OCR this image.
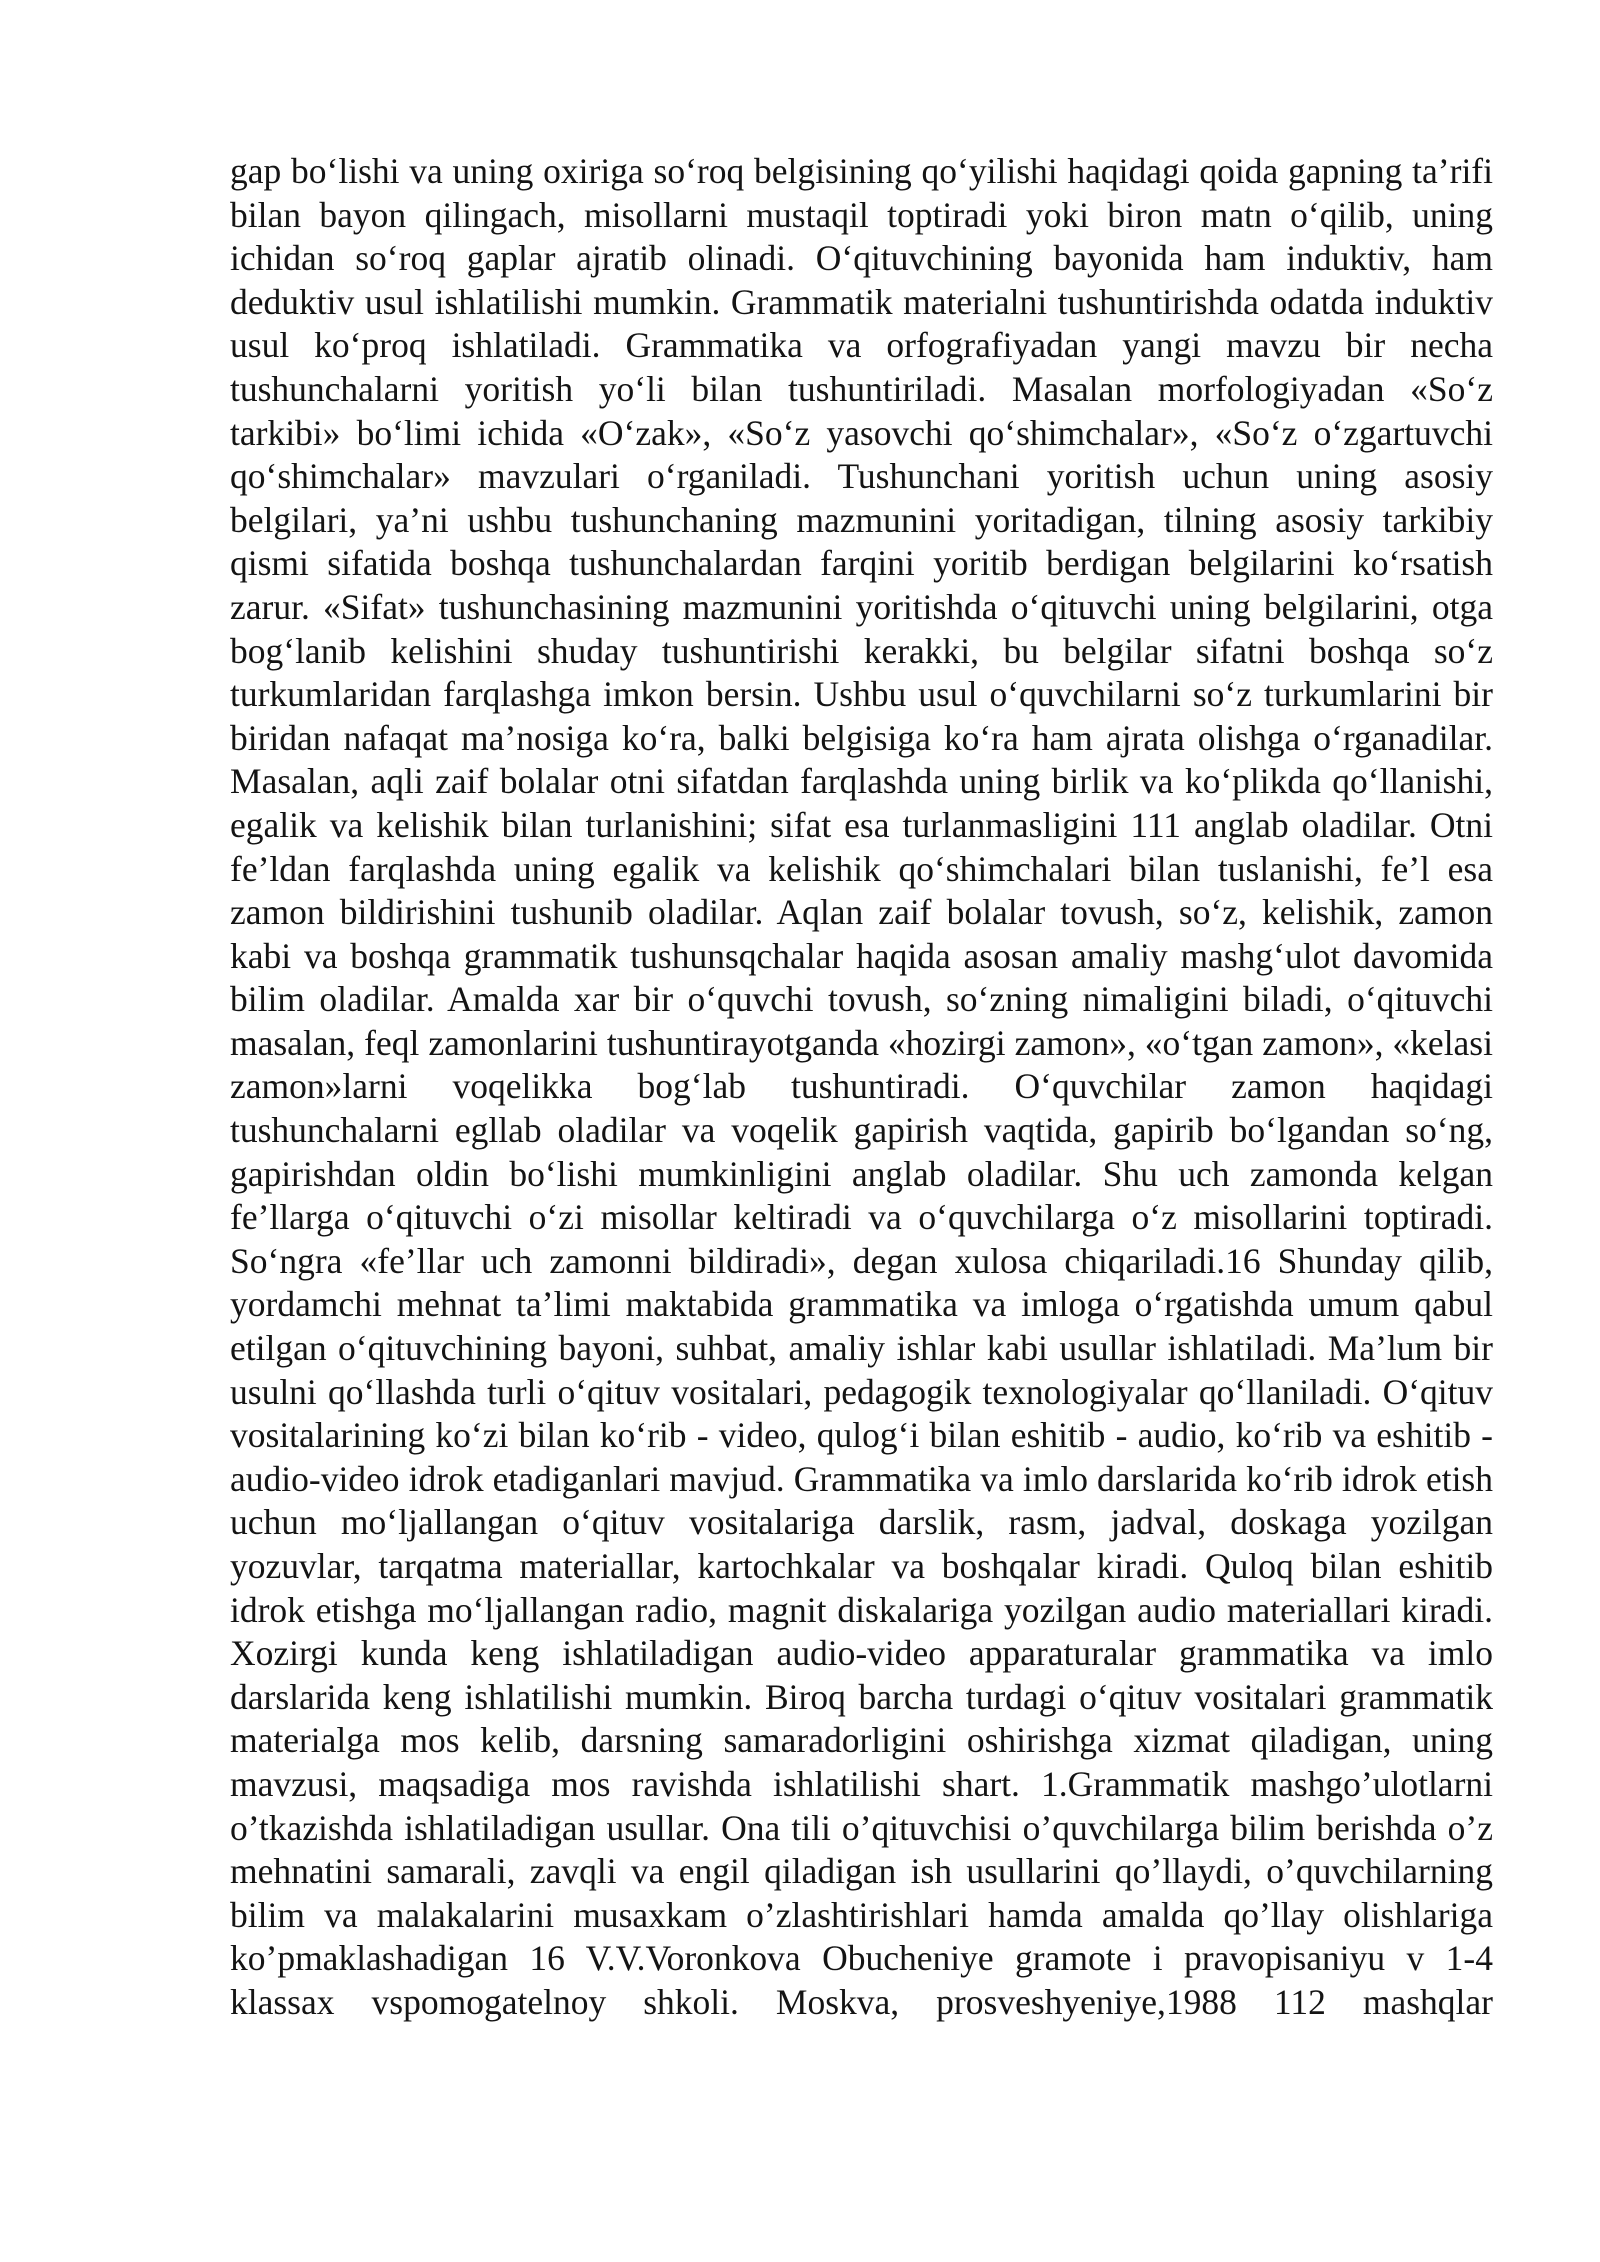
gap bo‘lishi va uning oxiriga so‘roq belgisining qo‘yilishi haqidagi qoida gapning ta’rifi bilan bayon qilingach, misollarni mustaqil toptiradi yoki biron matn o‘qilib, uning ichidan so‘roq gaplar ajratib olinadi. O‘qituvchining bayonida ham induktiv, ham deduktiv usul ishlatilishi mumkin. Grammatik materialni tushuntirishda odatda induktiv usul ko‘proq ishlatiladi. Grammatika va orfografiyadan yangi mavzu bir necha tushunchalarni yoritish yo‘li bilan tushuntiriladi. Masalan morfologiyadan «So‘z tarkibi» bo‘limi ichida «O‘zak», «So‘z yasovchi qo‘shimchalar», «So‘z o‘zgartuvchi qo‘shimchalar» mavzulari o‘rganiladi. Tushunchani yoritish uchun uning asosiy belgilari, ya’ni ushbu tushunchaning mazmunini yoritadigan, tilning asosiy tarkibiy qismi sifatida boshqa tushunchalardan farqini yoritib berdigan belgilarini ko‘rsatish zarur. «Sifat» tushunchasining mazmunini yoritishda o‘qituvchi uning belgilarini, otga bog‘lanib kelishini shuday tushuntirishi kerakki, bu belgilar sifatni boshqa so‘z turkumlaridan farqlashga imkon bersin. Ushbu usul o‘quvchilarni so‘z turkumlarini bir biridan nafaqat ma’nosiga ko‘ra, balki belgisiga ko‘ra ham ajrata olishga o‘rganadilar. Masalan, aqli zaif bolalar otni sifatdan farqlashda uning birlik va ko‘plikda qo‘llanishi, egalik va kelishik bilan turlanishini; sifat esa turlanmasligini 111 anglab oladilar. Otni fe’ldan farqlashda uning egalik va kelishik qo‘shimchalari bilan tuslanishi, fe’l esa zamon bildirishini tushunib oladilar. Aqlan zaif bolalar tovush, so‘z, kelishik, zamon kabi va boshqa grammatik tushunsqchalar haqida asosan amaliy mashg‘ulot davomida bilim oladilar. Amalda xar bir o‘quvchi tovush, so‘zning nimaligini biladi, o‘qituvchi masalan, feql zamonlarini tushuntirayotganda «hozirgi zamon», «o‘tgan zamon», «kelasi zamon»larni voqelikka bog‘lab tushuntiradi. O‘quvchilar zamon haqidagi tushunchalarni egllab oladilar va voqelik gapirish vaqtida, gapirib bo‘lgandan so‘ng, gapirishdan oldin bo‘lishi mumkinligini anglab oladilar. Shu uch zamonda kelgan fe’llarga o‘qituvchi o‘zi misollar keltiradi va o‘quvchilarga o‘z misollarini toptiradi. So‘ngra «fe’llar uch zamonni bildiradi», degan xulosa chiqariladi.16 Shunday qilib, yordamchi mehnat ta’limi maktabida grammatika va imloga o‘rgatishda umum qabul etilgan o‘qituvchining bayoni, suhbat, amaliy ishlar kabi usullar ishlatiladi. Ma’lum bir usulni qo‘llashda turli o‘qituv vositalari, pedagogik texnologiyalar qo‘llaniladi. O‘qituv vositalarining ko‘zi bilan ko‘rib - video, qulog‘i bilan eshitib - audio, ko‘rib va eshitib - audio-video idrok etadiganlari mavjud. Grammatika va imlo darslarida ko‘rib idrok etish uchun mo‘ljallangan o‘qituv vositalariga darslik, rasm, jadval, doskaga yozilgan yozuvlar, tarqatma materiallar, kartochkalar va boshqalar kiradi. Quloq bilan eshitib idrok etishga mo‘ljallangan radio, magnit diskalariga yozilgan audio materiallari kiradi. Xozirgi kunda keng ishlatiladigan audio-video apparaturalar grammatika va imlo darslarida keng ishlatilishi mumkin. Biroq barcha turdagi o‘qituv vositalari grammatik materialga mos kelib, darsning samaradorligini oshirishga xizmat qiladigan, uning mavzusi, maqsadiga mos ravishda ishlatilishi shart. 1.Grammatik mashgo’ulotlarni o’tkazishda ishlatiladigan usullar. Ona tili o’qituvchisi o’quvchilarga bilim berishda o’z mehnatini samarali, zavqli va engil qiladigan ish usullarini qo’llaydi, o’quvchilarning bilim va malakalarini musaxkam o’zlashtirishlari hamda amalda qo’llay olishlariga ko’pmaklashadigan 16 V.V.Voronkova Obucheniye gramote i pravopisaniyu v 1-4 klassax vspomogatelnoy shkoli. Moskva, prosveshyeniye,1988 112 mashqlar
